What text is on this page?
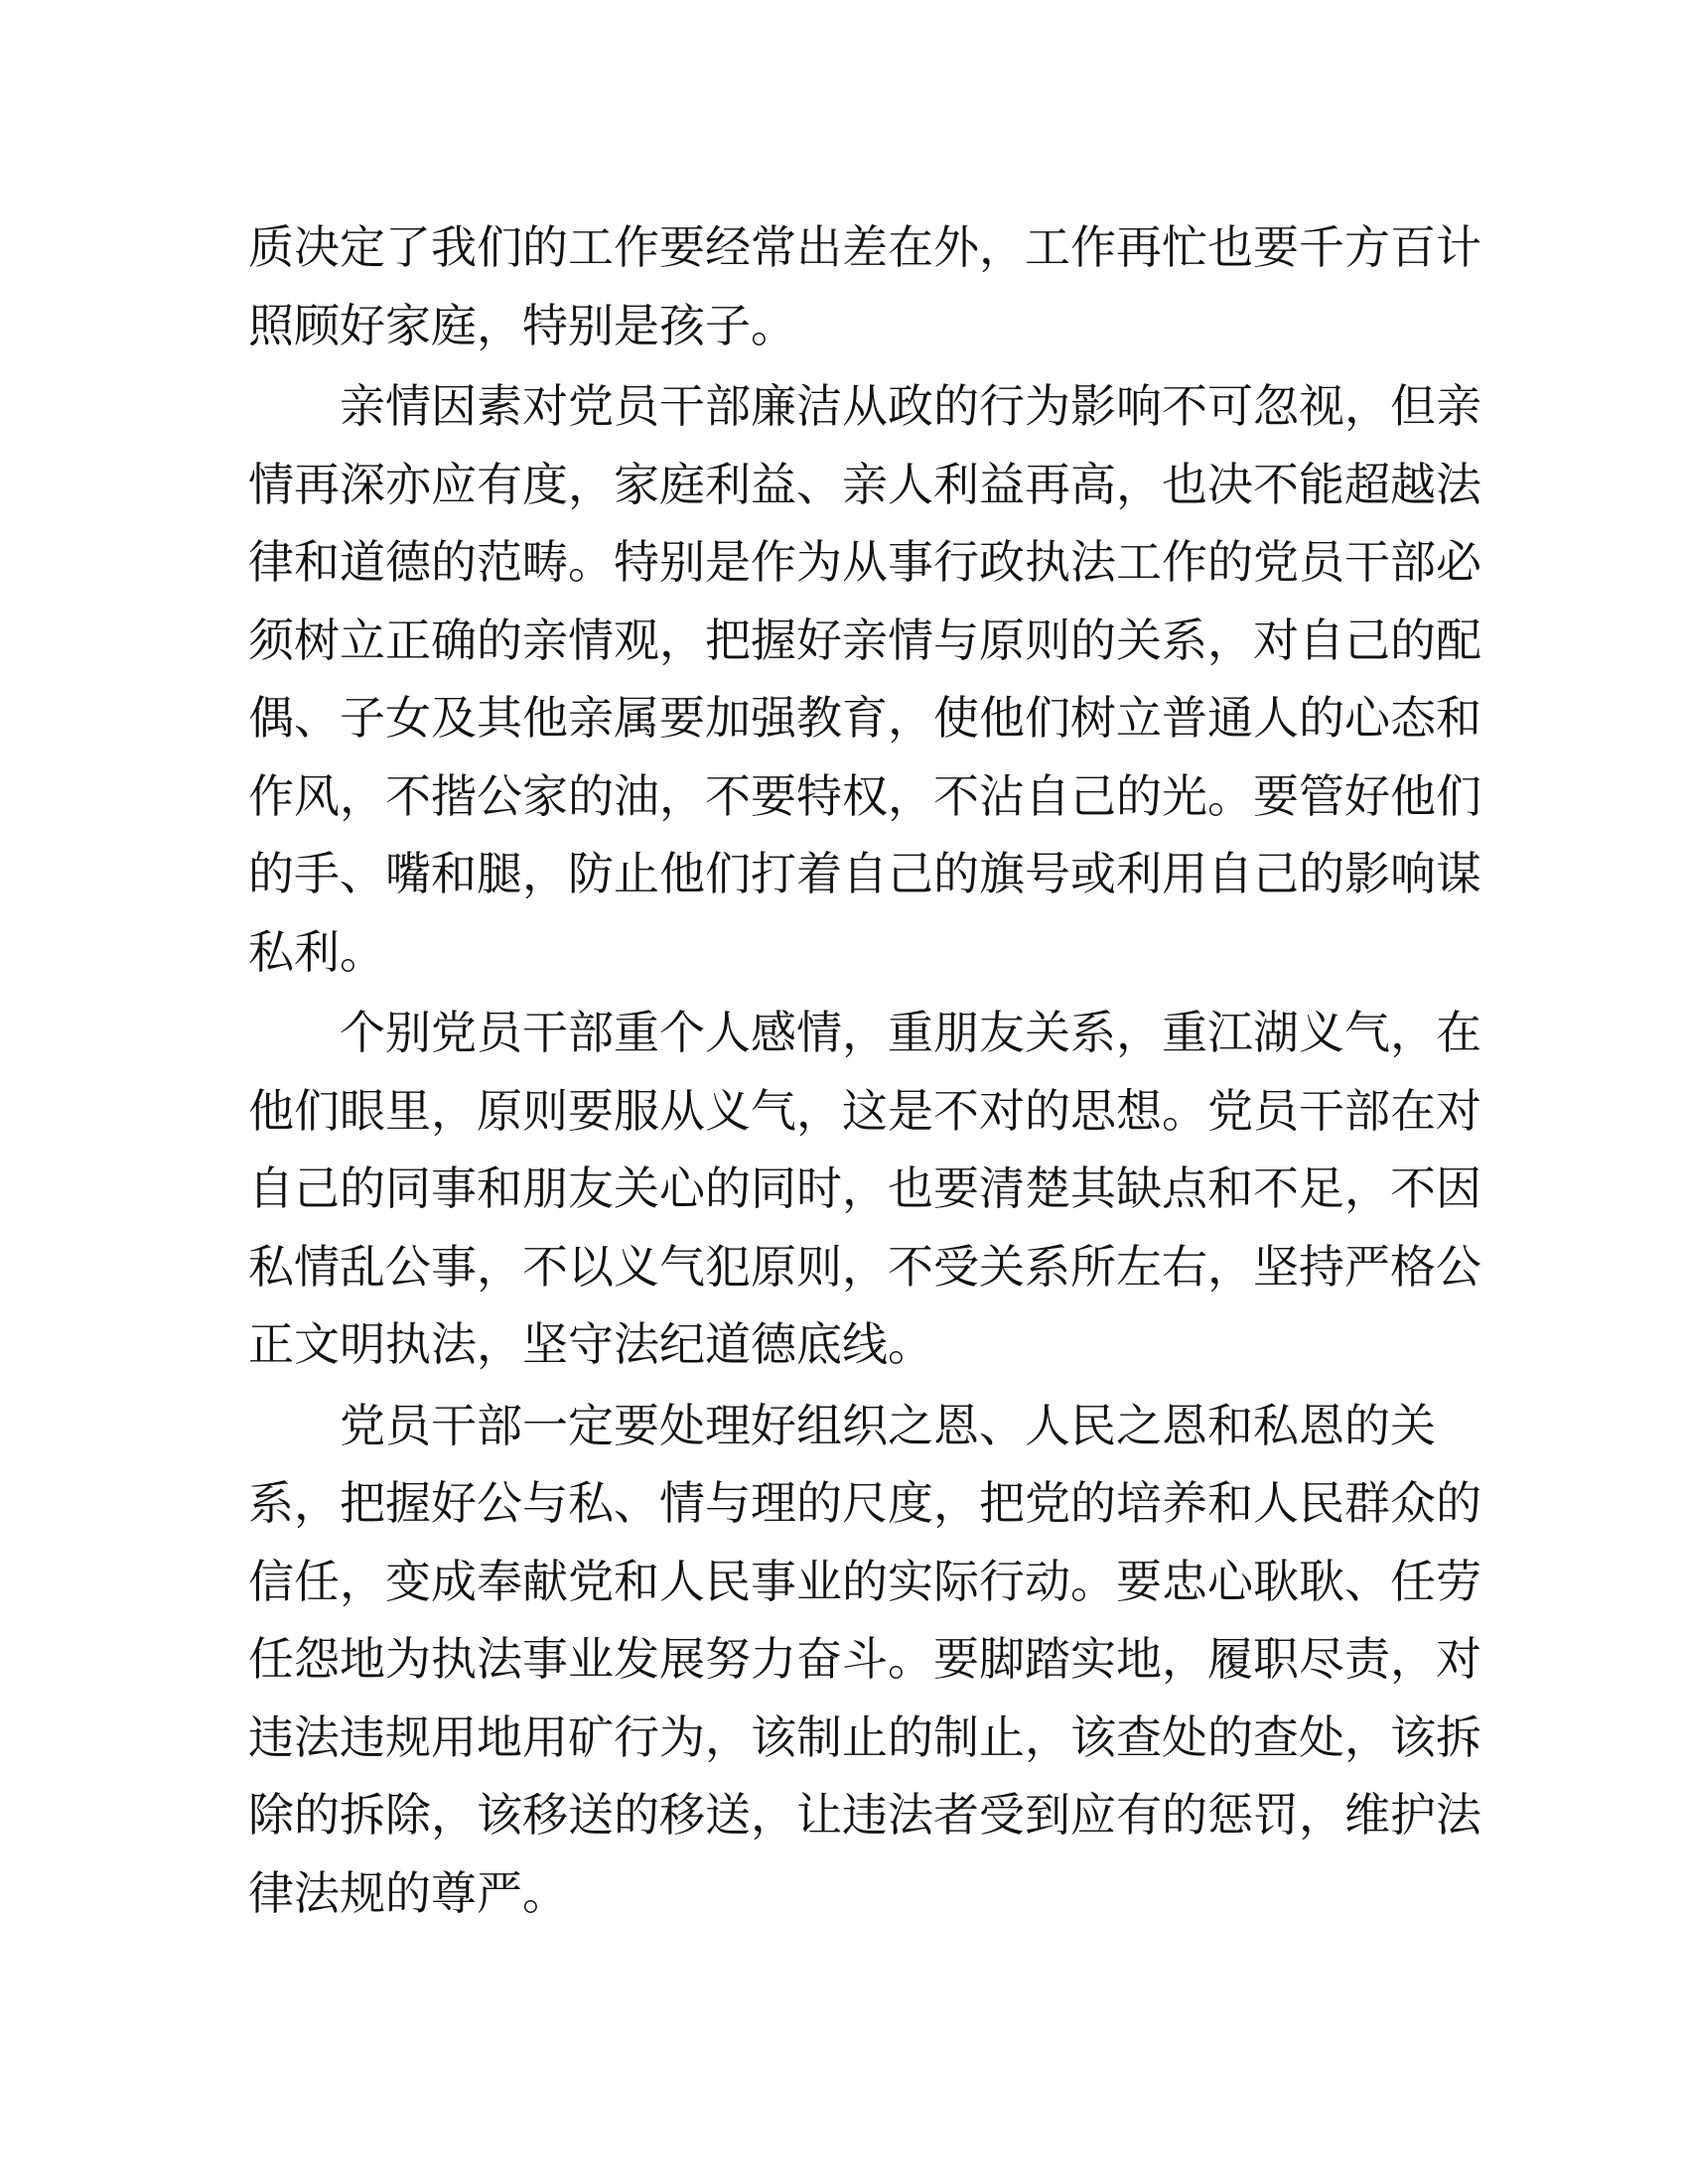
质决定了我们的工作要经常出差在外，工作再忙也要千方百计
照顾好家庭，特别是孩子。
　　亲情因素对党员干部廉洁从政的行为影响不可忽视，但亲
情再深亦应有度，家庭利益、亲人利益再高，也决不能超越法
律和道德的范畴。特别是作为从事行政执法工作的党员干部必
须树立正确的亲情观，把握好亲情与原则的关系，对自己的配
偶、子女及其他亲属要加强教育，使他们树立普通人的心态和
作风，不揩公家的油，不要特权，不沾自己的光。要管好他们
的手、嘴和腿，防止他们打着自己的旗号或利用自己的影响谋
私利。
　　个别党员干部重个人感情，重朋友关系，重江湖义气，在
他们眼里，原则要服从义气，这是不对的思想。党员干部在对
自己的同事和朋友关心的同时，也要清楚其缺点和不足，不因
私情乱公事，不以义气犯原则，不受关系所左右，坚持严格公
正文明执法，坚守法纪道德底线。
　　党员干部一定要处理好组织之恩、人民之恩和私恩的关
系，把握好公与私、情与理的尺度，把党的培养和人民群众的
信任，变成奉献党和人民事业的实际行动。要忠心耿耿、任劳
任怨地为执法事业发展努力奋斗。要脚踏实地，履职尽责，对
违法违规用地用矿行为，该制止的制止，该查处的查处，该拆
除的拆除，该移送的移送，让违法者受到应有的惩罚，维护法
律法规的尊严。
